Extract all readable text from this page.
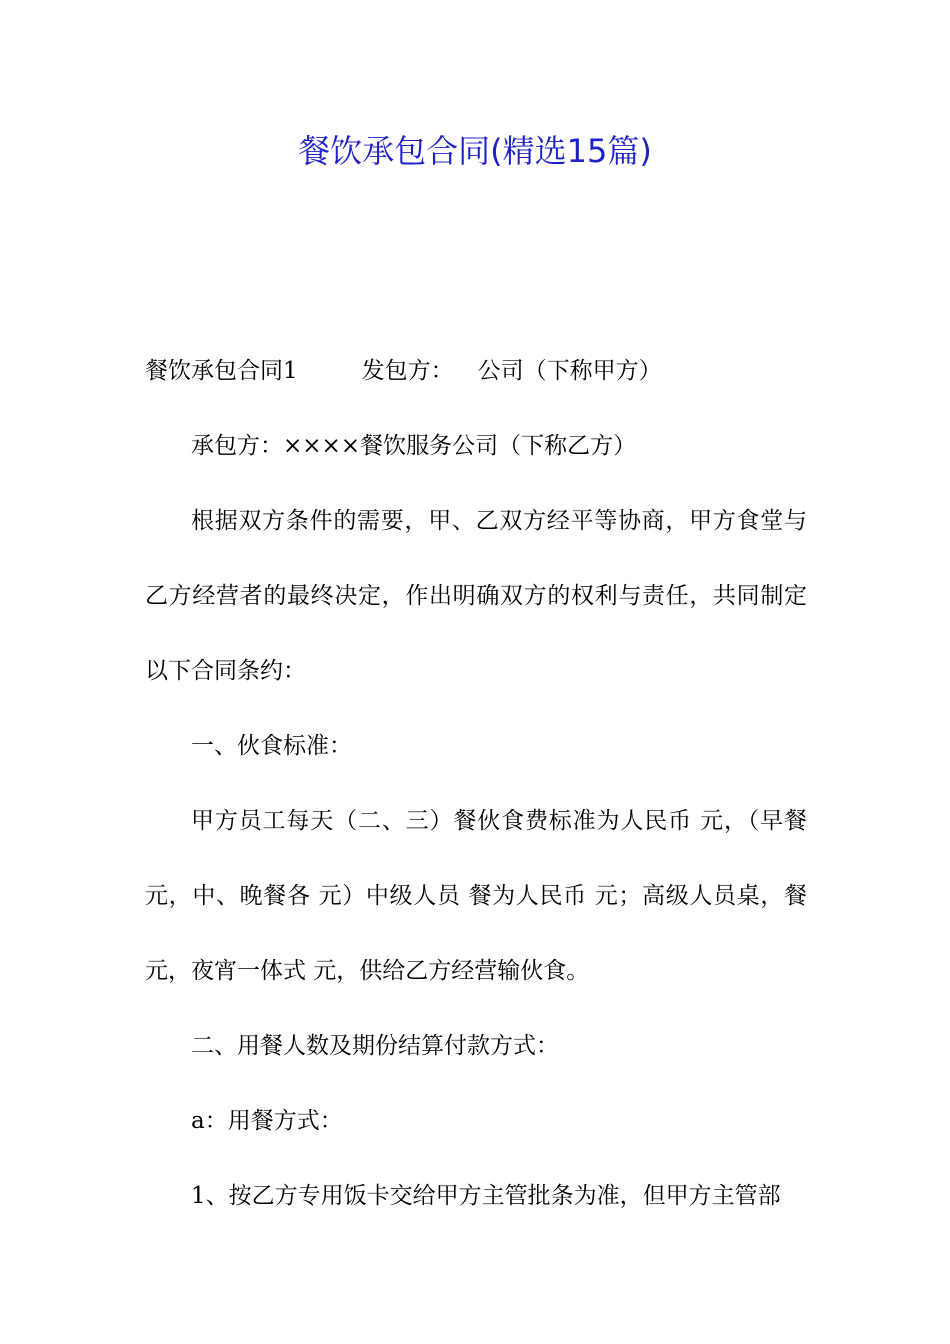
餐饮承包合同(精选15篇)

餐饮承包合同1	发包方： 公司（下称甲方）

承包方：××××餐饮服务公司（下称乙方）

根据双方条件的需要，甲、乙双方经平等协商，甲方食堂与乙方经营者的最终决定，作出明确双方的权利与责任，共同制定以下合同条约：

一、伙食标准：

甲方员工每天（二、三）餐伙食费标准为人民币 元，（早餐 元，中、晚餐各 元）中级人员 餐为人民币 元；高级人员桌，餐 元，夜宵一体式 元，供给乙方经营输伙食。

二、用餐人数及期份结算付款方式：

a：用餐方式：

1、按乙方专用饭卡交给甲方主管批条为准，但甲方主管部
